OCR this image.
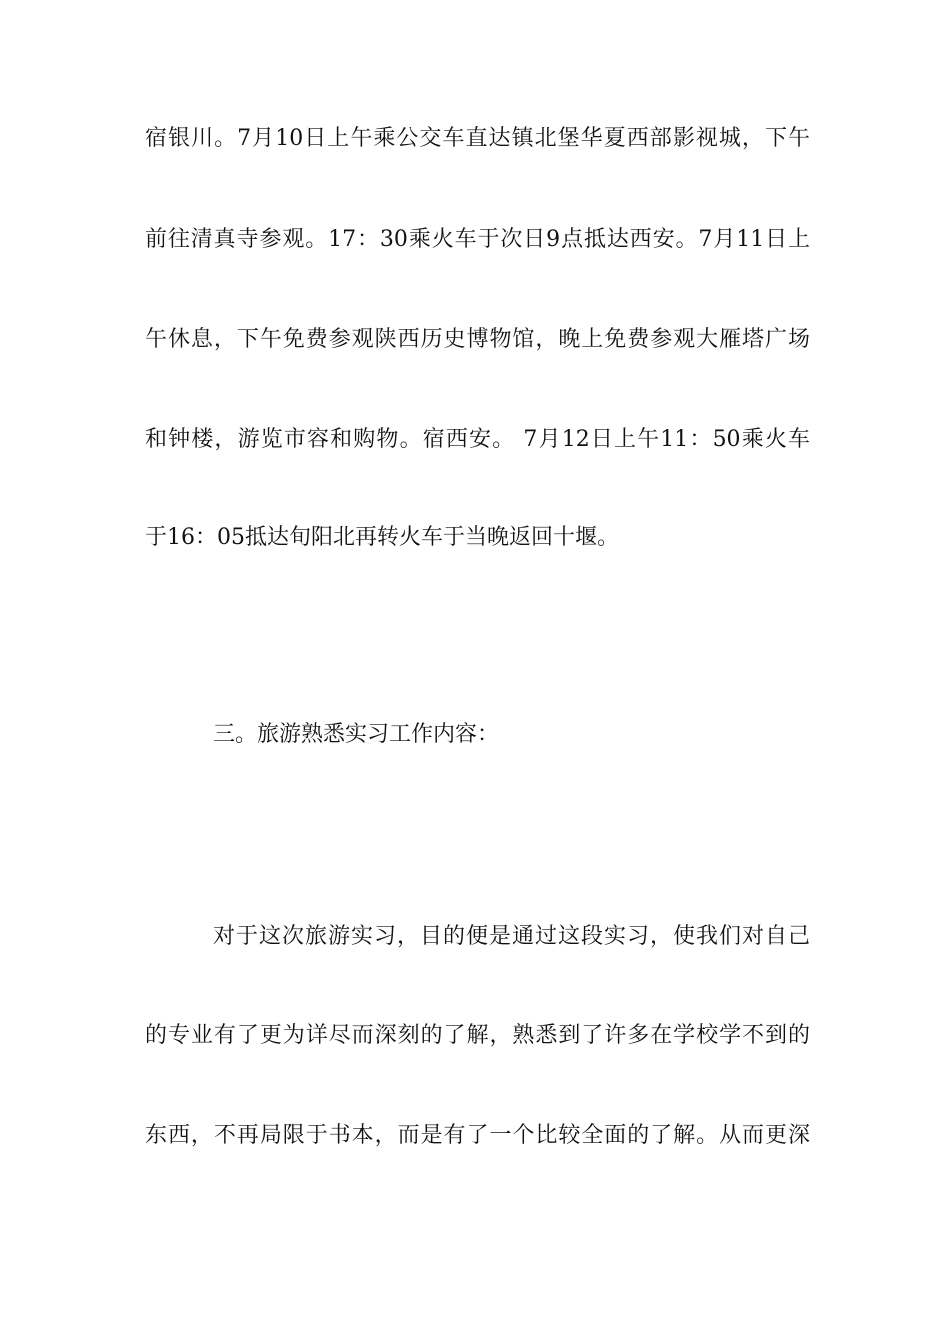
宿银川。7月10日上午乘公交车直达镇北堡华夏西部影视城，下午
前往清真寺参观。17：30乘火车于次日9点抵达西安。7月11日上
午休息，下午免费参观陕西历史博物馆，晚上免费参观大雁塔广场
和钟楼，游览市容和购物。宿西安。 7月12日上午11：50乘火车
于16：05抵达旬阳北再转火车于当晚返回十堰。
三。旅游熟悉实习工作内容：
对于这次旅游实习，目的便是通过这段实习，使我们对自己
的专业有了更为详尽而深刻的了解，熟悉到了许多在学校学不到的
东西，不再局限于书本，而是有了一个比较全面的了解。从而更深
